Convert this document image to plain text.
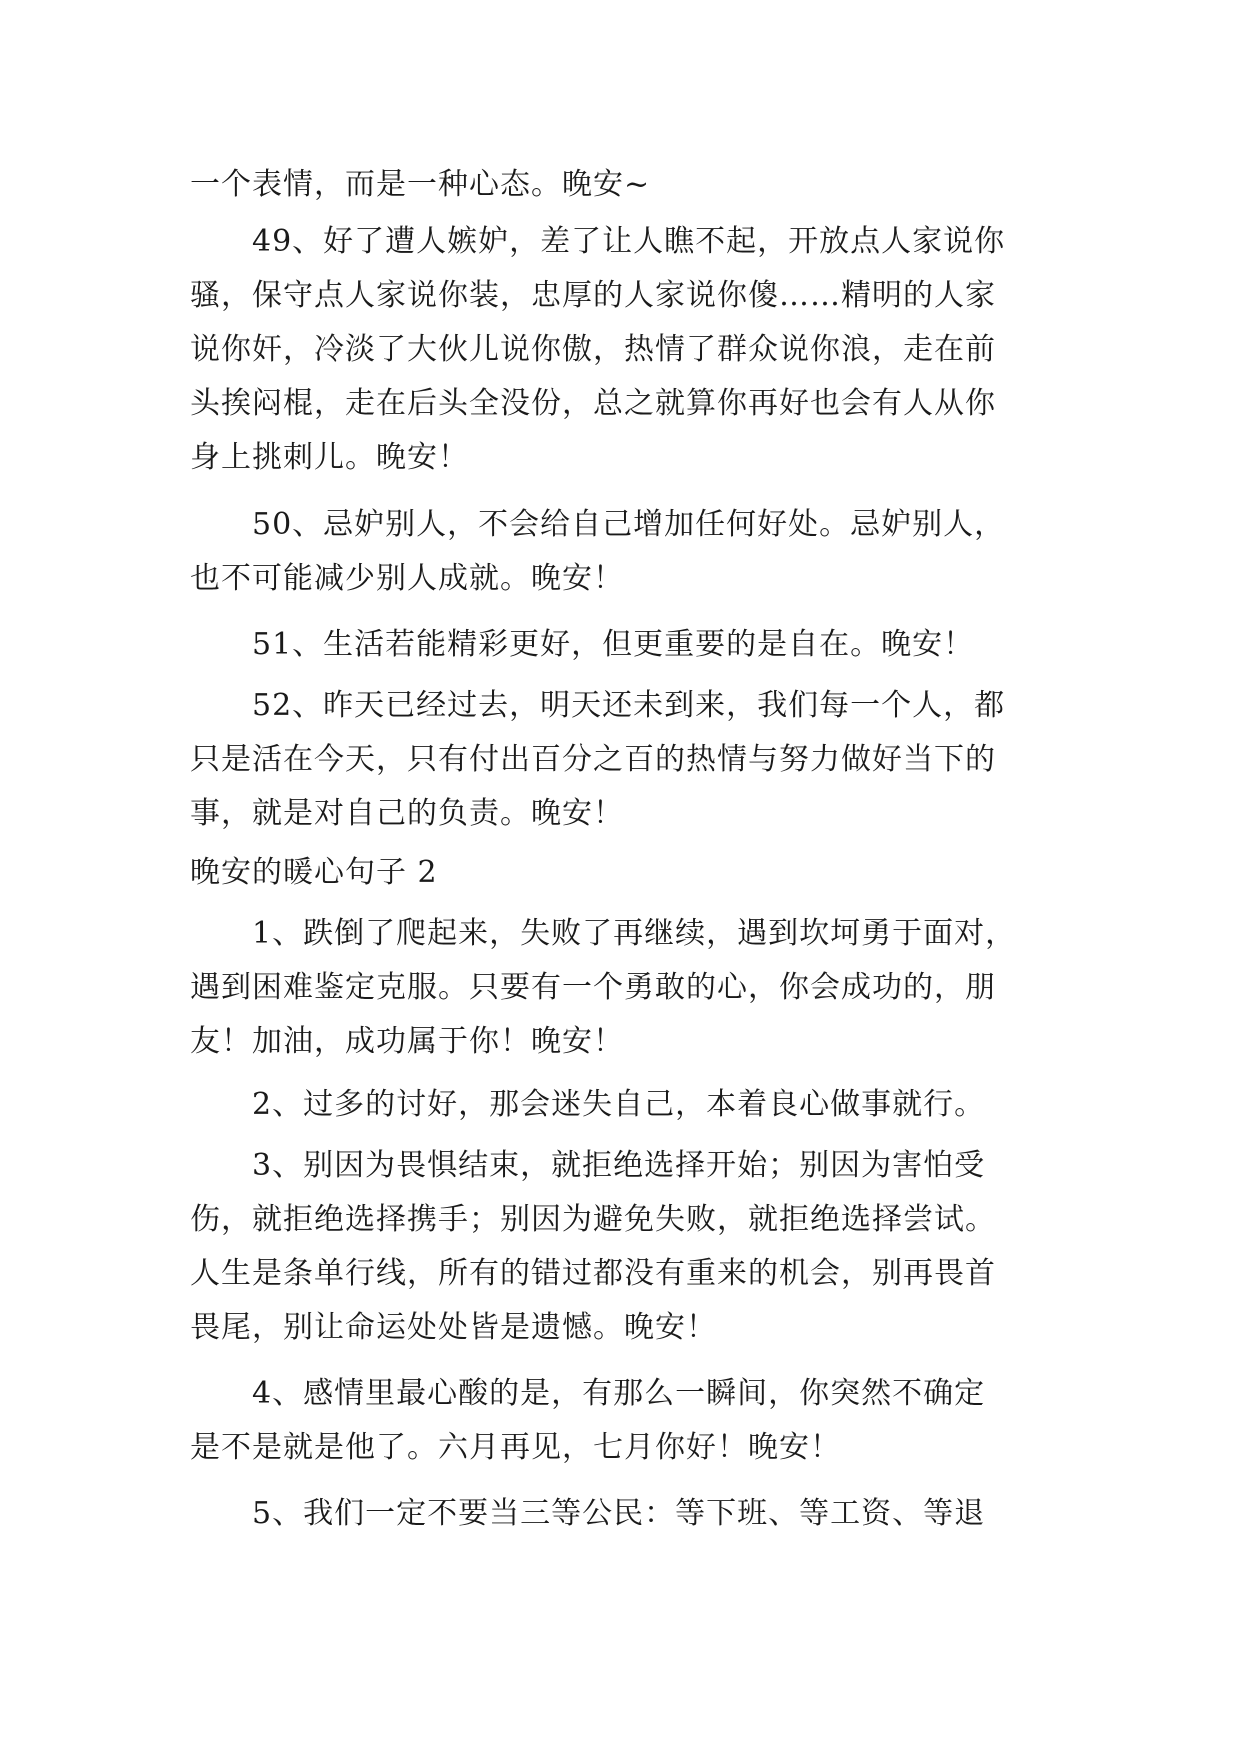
一个表情，而是一种心态。晚安~
49、好了遭人嫉妒，差了让人瞧不起，开放点人家说你
骚，保守点人家说你装，忠厚的人家说你傻……精明的人家
说你奸，冷淡了大伙儿说你傲，热情了群众说你浪，走在前
头挨闷棍，走在后头全没份，总之就算你再好也会有人从你
身上挑刺儿。晚安！
50、忌妒别人，不会给自己增加任何好处。忌妒别人，
也不可能减少别人成就。晚安！
51、生活若能精彩更好，但更重要的是自在。晚安！
52、昨天已经过去，明天还未到来，我们每一个人，都
只是活在今天，只有付出百分之百的热情与努力做好当下的
事，就是对自己的负责。晚安！
晚安的暖心句子 2
1、跌倒了爬起来，失败了再继续，遇到坎坷勇于面对，
遇到困难鉴定克服。只要有一个勇敢的心，你会成功的，朋
友！加油，成功属于你！晚安！
2、过多的讨好，那会迷失自己，本着良心做事就行。
3、别因为畏惧结束，就拒绝选择开始；别因为害怕受
伤，就拒绝选择携手；别因为避免失败，就拒绝选择尝试。
人生是条单行线，所有的错过都没有重来的机会，别再畏首
畏尾，别让命运处处皆是遗憾。晚安！
4、感情里最心酸的是，有那么一瞬间，你突然不确定
是不是就是他了。六月再见，七月你好！晚安！
5、我们一定不要当三等公民：等下班、等工资、等退
